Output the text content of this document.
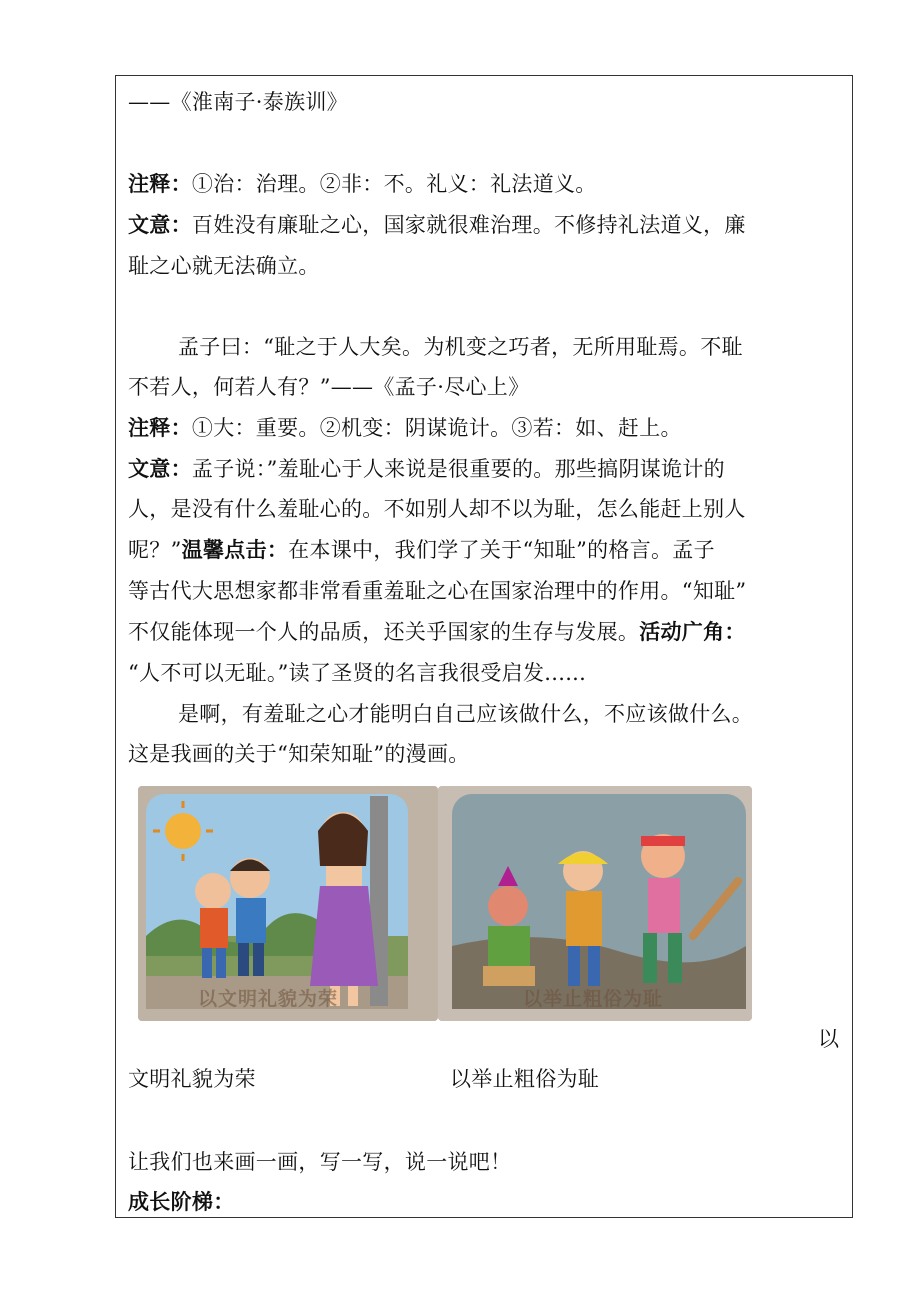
——《淮南子·泰族训》
注释：①治：治理。②非：不。礼义：礼法道义。
文意：百姓没有廉耻之心，国家就很难治理。不修持礼法道义，廉
耻之心就无法确立。
孟子曰：“耻之于人大矣。为机变之巧者，无所用耻焉。不耻
不若人，何若人有？”——《孟子·尽心上》
注释：①大：重要。②机变：阴谋诡计。③若：如、赶上。
文意：孟子说：”羞耻心于人来说是很重要的。那些搞阴谋诡计的
人，是没有什么羞耻心的。不如别人却不以为耻，怎么能赶上别人
呢？”温馨点击：在本课中，我们学了关于“知耻”的格言。孟子
等古代大思想家都非常看重羞耻之心在国家治理中的作用。“知耻”
不仅能体现一个人的品质，还关乎国家的生存与发展。活动广角：
“人不可以无耻。”读了圣贤的名言我很受启发......
是啊，有羞耻之心才能明白自己应该做什么，不应该做什么。
这是我画的关于“知荣知耻”的漫画。
以文明礼貌为荣	以举止粗俗为耻
以
文明礼貌为荣	以举止粗俗为耻
让我们也来画一画，写一写，说一说吧！
成长阶梯：
